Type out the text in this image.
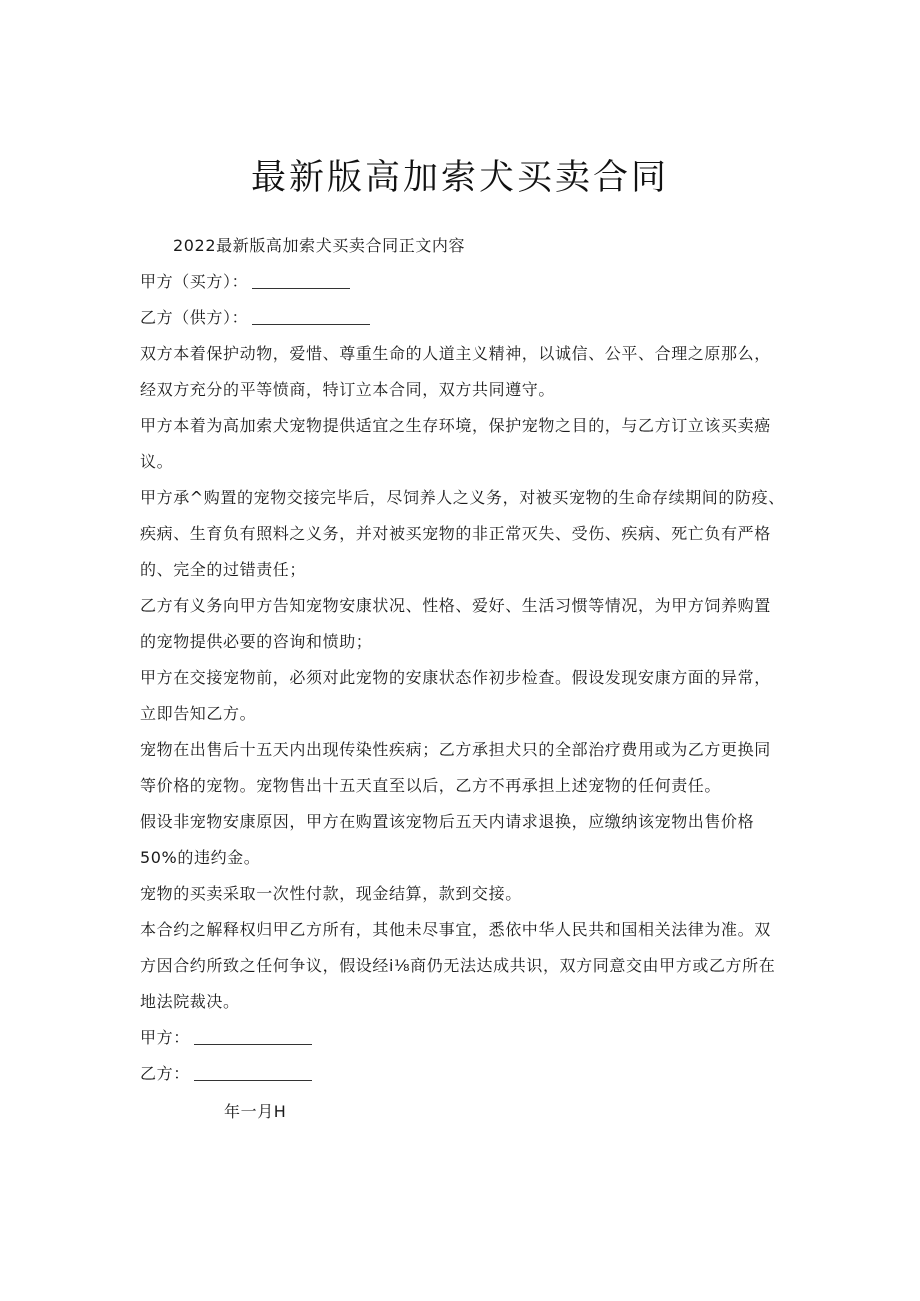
最新版高加索犬买卖合同
2022最新版高加索犬买卖合同正文内容
甲方（买方）：
乙方（供方）：
双方本着保护动物，爱惜、尊重生命的人道主义精神，以诚信、公平、合理之原那么，
经双方充分的平等愤商，特订立本合同，双方共同遵守。
甲方本着为高加索犬宠物提供适宜之生存环境，保护宠物之目的，与乙方订立该买卖癌
议。
甲方承^购置的宠物交接完毕后，尽饲养人之义务，对被买宠物的生命存续期间的防疫、
疾病、生育负有照料之义务，并对被买宠物的非正常灭失、受伤、疾病、死亡负有严格
的、完全的过错责任；
乙方有义务向甲方告知宠物安康状况、性格、爱好、生活习惯等情况，为甲方饲养购置
的宠物提供必要的咨询和愤助；
甲方在交接宠物前，必须对此宠物的安康状态作初步检查。假设发现安康方面的异常，
立即告知乙方。
宠物在出售后十五天内出现传染性疾病；乙方承担犬只的全部治疗费用或为乙方更换同
等价格的宠物。宠物售出十五天直至以后，乙方不再承担上述宠物的任何责任。
假设非宠物安康原因，甲方在购置该宠物后五天内请求退换，应缴纳该宠物出售价格
50%的违约金。
宠物的买卖采取一次性付款，现金结算，款到交接。
本合约之解释权归甲乙方所有，其他未尽事宜，悉依中华人民共和国相关法律为准。双
方因合约所致之任何争议，假设经i⅛商仍无法达成共识，双方同意交由甲方或乙方所在
地法院裁决。
甲方：
乙方：
年一月H
